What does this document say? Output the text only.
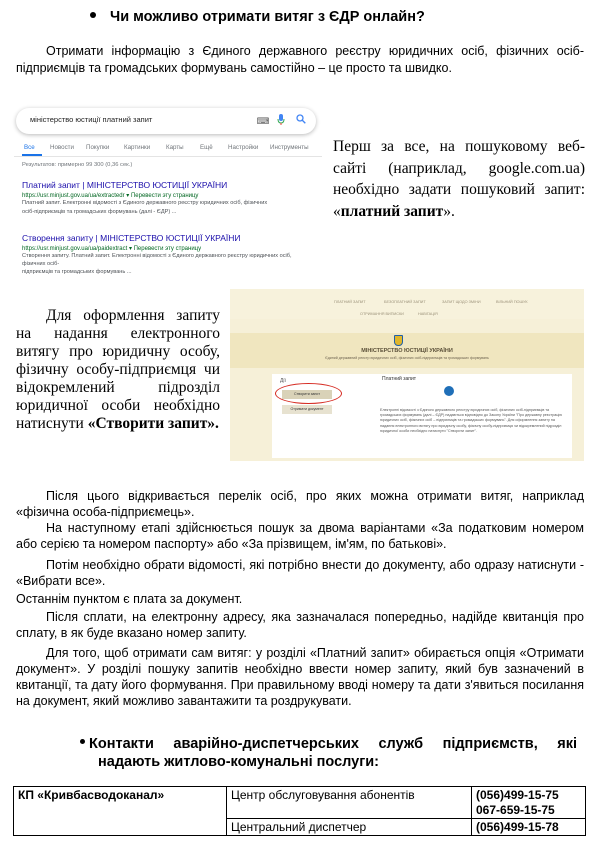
Чи можливо отримати витяг з ЄДР онлайн?
Отримати інформацію з Єдиного державного реєстру юридичних осіб, фізичних осіб-підприємців та громадських формувань самостійно – це просто та швидко.
міністерство юстиції платний запит	⌨
Все Новости Покупки Картинки	Карты	Ещё Настройки Инструменты
Результатов: примерно 99 300 (0,36 сек.)
Платний запит | МІНІСТЕРСТВО ЮСТИЦІЇ УКРАЇНИ
https://usr.minjust.gov.ua/ua/extractedr ▾ Перевести эту страницу
Платний запит. Електронні відомості з Єдиного державного реєстру юридичних осіб, фізичних
осіб-підприємців та громадських формувань (далі - ЄДР) ...
Створення запиту | МІНІСТЕРСТВО ЮСТИЦІЇ УКРАЇНИ
https://usr.minjust.gov.ua/ua/paidextract ▾ Перевести эту страницу
Створення запиту. Платний запит. Електронні відомості з Єдиного державного реєстру юридичних осіб, фізичних осіб-
підприємців та громадських формувань ...
Перш за все, на пошуковому веб-сайті (наприклад, google.com.ua) необхідно задати пошуковий запит: «платний запит».
Для оформлення запиту на надання електронного витягу про юридичну особу, фізичну особу-підприємця чи відокремлений підрозділ юридичної особи необхідно натиснути «Створити запит».
ПЛАТНИЙ ЗАПИТ	БЕЗОПЛАТНИЙ ЗАПИТ	ЗАПИТ ЩОДО ЗМІНИ	ВІЛЬНИЙ ПОШУК
ОТРИМАННЯ ВИПИСКИ	НАВІГАЦІЯ
МІНІСТЕРСТВО ЮСТИЦІЇ УКРАЇНИ
Єдиний державний реєстр юридичних осіб, фізичних осіб-підприємців та громадських формувань
Дії
Створити запит
Отримати документ
Платний запит
Електронні відомості з Єдиного державного реєстру юридичних осіб, фізичних осіб-підприємців та громадських формувань (далі – ЄДР) надаються відповідно до Закону України "Про державну реєстрацію юридичних осіб, фізичних осіб – підприємців та громадських формувань". Для оформлення запиту на надання електронного витягу про юридичну особу, фізичну особу-підприємця чи відокремлений підрозділ юридичної особи необхідно натиснути "Створити запит".
Після цього відкривається перелік осіб, про яких можна отримати витяг, наприклад «фізична особа-підприємець».
На наступному етапі здійснюється пошук за двома варіантами «За податковим номером або серією та номером паспорту» або «За прізвищем, ім'ям, по батькові».
Потім необхідно обрати відомості, які потрібно внести до документу, або одразу натиснути - «Вибрати все».
Останнім пунктом є плата за документ.
Після сплати, на електронну адресу, яка зазначалася попередньо, надійде квитанція про сплату, в як буде вказано номер запиту.
Для того, щоб отримати сам витяг: у розділі «Платний запит» обирається опція «Отримати документ». У розділі пошуку запитів необхідно ввести номер запиту, який був зазначений в квитанції, та дату його формування. При правильному вводі номеру та дати з'явиться посилання на документ, який можливо завантажити та роздрукувати.
Контакти аварійно-диспетчерських служб підприємств, які
надають житлово-комунальні послуги:
КП «Кривбасводоканал»	Центр обслуговування абонентів	(056)499-15-75
067-659-15-75

	Центральний диспетчер	(056)499-15-78
